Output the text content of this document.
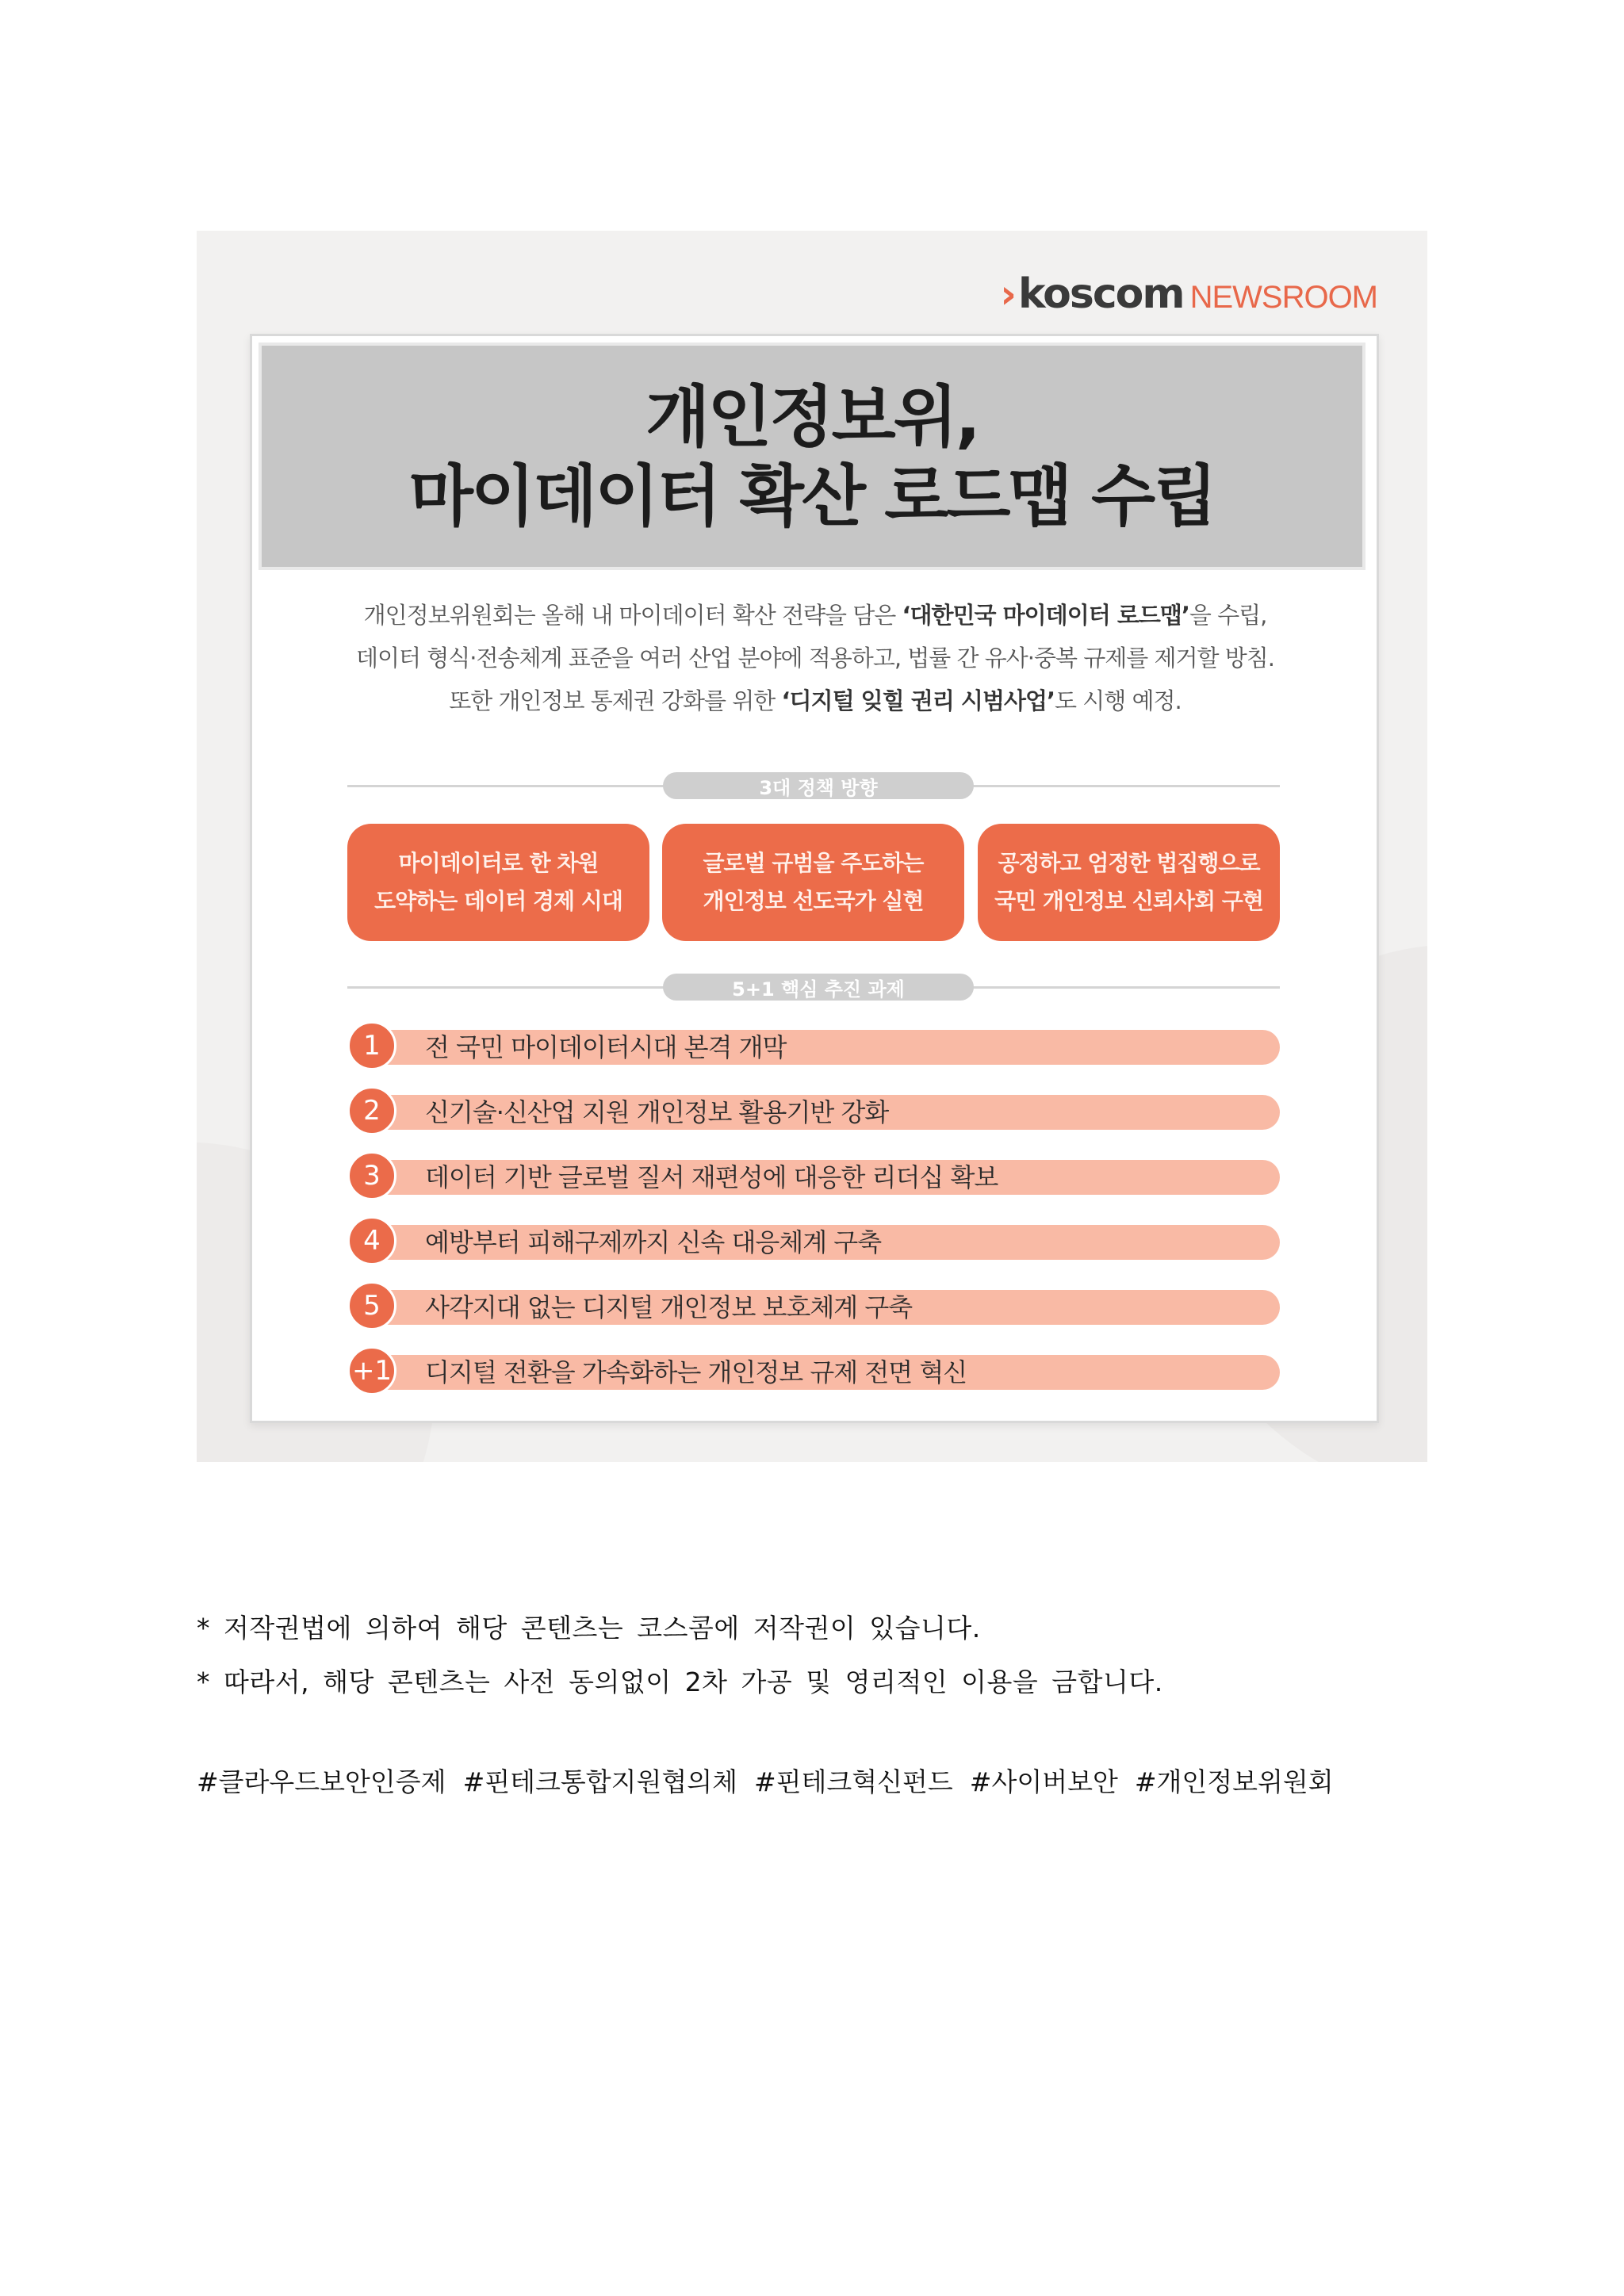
› koscom NEWSROOM
개인정보위,
마이데이터 확산 로드맵 수립
개인정보위원회는 올해 내 마이데이터 확산 전략을 담은 ‘대한민국 마이데이터 로드맵’을 수립,
데이터 형식·전송체계 표준을 여러 산업 분야에 적용하고, 법률 간 유사·중복 규제를 제거할 방침.
또한 개인정보 통제권 강화를 위한 ‘디지털 잊힐 권리 시범사업’도 시행 예정.
3대 정책 방향
마이데이터로 한 차원
도약하는 데이터 경제 시대
글로벌 규범을 주도하는
개인정보 선도국가 실현
공정하고 엄정한 법집행으로
국민 개인정보 신뢰사회 구현
5+1 핵심 추진 과제
1	전 국민 마이데이터시대 본격 개막
2	신기술·신산업 지원 개인정보 활용기반 강화
3	데이터 기반 글로벌 질서 재편성에 대응한 리더십 확보
4	예방부터 피해구제까지 신속 대응체계 구축
5	사각지대 없는 디지털 개인정보 보호체계 구축
+1 디지털 전환을 가속화하는 개인정보 규제 전면 혁신
* 저작권법에 의하여 해당 콘텐츠는 코스콤에 저작권이 있습니다.
* 따라서, 해당 콘텐츠는 사전 동의없이 2차 가공 및 영리적인 이용을 금합니다.
#클라우드보안인증제 #핀테크통합지원협의체 #핀테크혁신펀드 #사이버보안 #개인정보위원회
